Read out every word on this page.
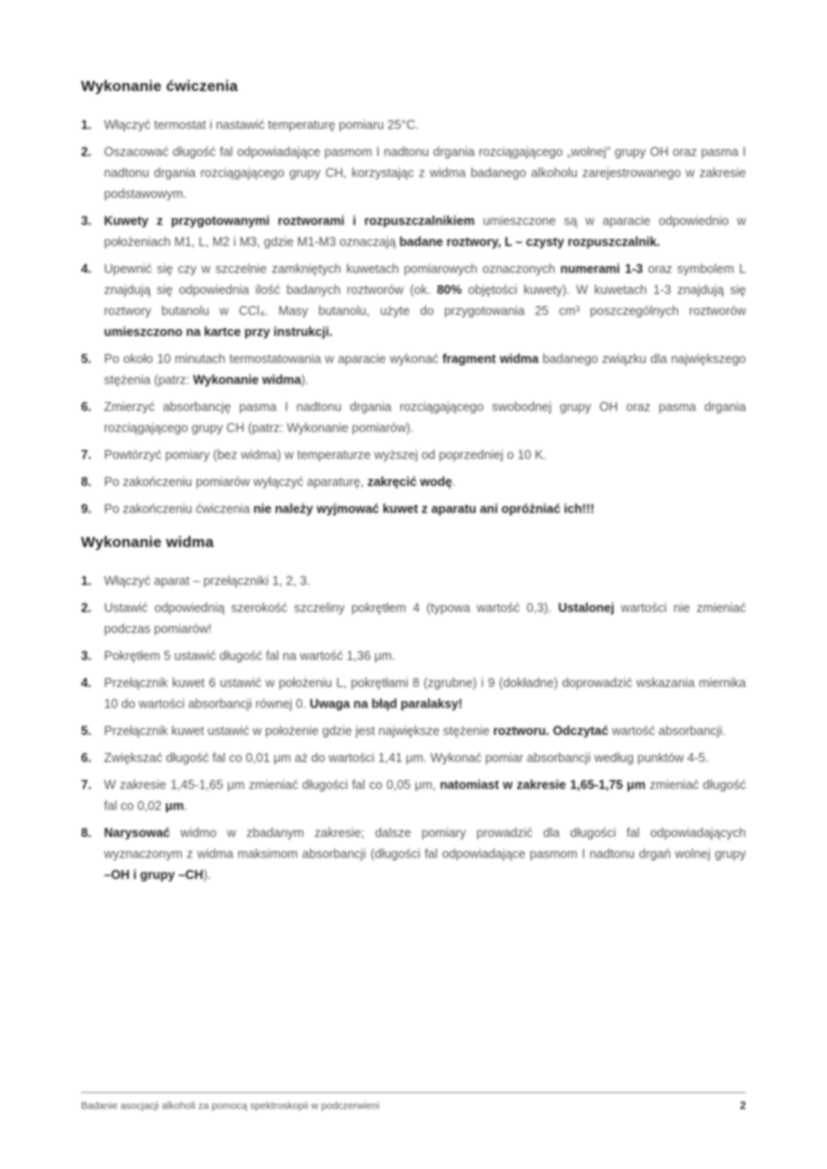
Wykonanie ćwiczenia
1. Włączyć termostat i nastawić temperaturę pomiaru 25°C.
2. Oszacować długość fal odpowiadające pasmom I nadtonu drgania rozciągającego „wolnej” grupy OH oraz pasma I nadtonu drgania rozciągającego grupy CH, korzystając z widma badanego alkoholu zarejestrowanego w zakresie podstawowym.
3. Kuwety z przygotowanymi roztworami i rozpuszczalnikiem umieszczone są w aparacie odpowiednio w położeniach M1, L, M2 i M3, gdzie M1-M3 oznaczają badane roztwory, L – czysty rozpuszczalnik.
4. Upewnić się czy w szczelnie zamkniętych kuwetach pomiarowych oznaczonych numerami 1-3 oraz symbolem L znajdują się odpowiednia ilość badanych roztworów (ok. 80% objętości kuwety). W kuwetach 1-3 znajdują się roztwory butanolu w CCl₄. Masy butanolu, użyte do przygotowania 25 cm³ poszczególnych roztworów umieszczono na kartce przy instrukcji.
5. Po około 10 minutach termostatowania w aparacie wykonać fragment widma badanego związku dla największego stężenia (patrz: Wykonanie widma).
6. Zmierzyć absorbancję pasma I nadtonu drgania rozciągającego swobodnej grupy OH oraz pasma drgania rozciągającego grupy CH (patrz: Wykonanie pomiarów).
7. Powtórzyć pomiary (bez widma) w temperaturze wyższej od poprzedniej o 10 K.
8. Po zakończeniu pomiarów wyłączyć aparaturę, zakręcić wodę.
9. Po zakończeniu ćwiczenia nie należy wyjmować kuwet z aparatu ani opróżniać ich!!!
Wykonanie widma
1. Włączyć aparat – przełączniki 1, 2, 3.
2. Ustawić odpowiednią szerokość szczeliny pokrętłem 4 (typowa wartość 0,3). Ustalonej wartości nie zmieniać podczas pomiarów!
3. Pokrętłem 5 ustawić długość fal na wartość 1,36 μm.
4. Przełącznik kuwet 6 ustawić w położeniu L, pokrętłami 8 (zgrubne) i 9 (dokładne) doprowadzić wskazania miernika 10 do wartości absorbancji równej 0. Uwaga na błąd paralaksy!
5. Przełącznik kuwet ustawić w położenie gdzie jest największe stężenie roztworu. Odczytać wartość absorbancji.
6. Zwiększać długość fal co 0,01 μm aż do wartości 1,41 μm. Wykonać pomiar absorbancji według punktów 4-5.
7. W zakresie 1,45-1,65 μm zmieniać długości fal co 0,05 μm, natomiast w zakresie 1,65-1,75 μm zmieniać długość fal co 0,02 μm.
8. Narysować widmo w zbadanym zakresie; dalsze pomiary prowadzić dla długości fal odpowiadających wyznaczonym z widma maksimom absorbancji (długości fal odpowiadające pasmom I nadtonu drgań wolnej grupy –OH i grupy –CH).
Badanie asocjacji alkoholi za pomocą spektroskopii w podczerwieni	2
